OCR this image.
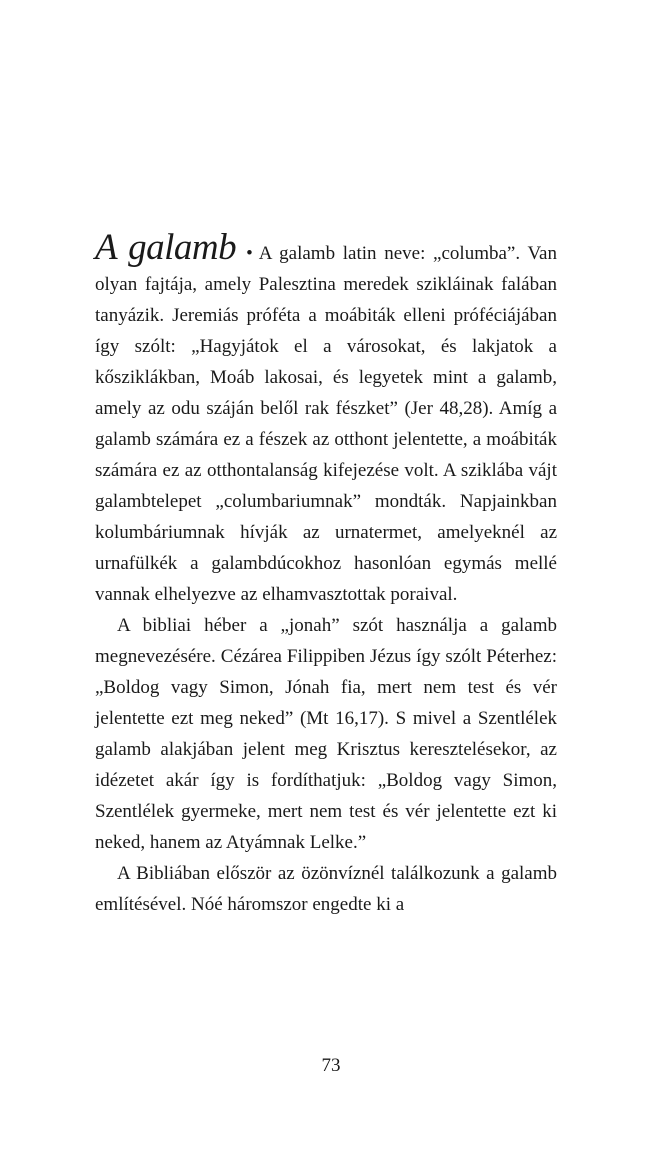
A galamb • A galamb latin neve: „columba”. Van olyan fajtája, amely Palesztina meredek szikláinak falában tanyázik. Jeremiás próféta a moábiták elleni próféciájában így szólt: „Hagyjátok el a városokat, és lakjatok a kősziklákban, Moáb lakosai, és legyetek mint a galamb, amely az odu száján belől rak fészket” (Jer 48,28). Amíg a galamb számára ez a fészek az otthont jelentette, a moábiták számára ez az otthontalanság kifejezése volt. A sziklába vájt galambtelepet „columbariumnak” mondták. Napjainkban kolumbáriumnak hívják az urnatermet, amelyeknél az urnafülkék a galambdúcokhoz hasonlóan egymás mellé vannak elhelyezve az elhamvasztottak poraival.

A bibliai héber a „jonah” szót használja a galamb megnevezésére. Cézárea Filippiben Jézus így szólt Péterhez: „Boldog vagy Simon, Jónah fia, mert nem test és vér jelentette ezt meg neked” (Mt 16,17). S mivel a Szentlélek galamb alakjában jelent meg Krisztus keresztelésekor, az idézetet akár így is fordíthatjuk: „Boldog vagy Simon, Szentlélek gyermeke, mert nem test és vér jelentette ezt ki neked, hanem az Atyámnak Lelke.”

A Bibliában először az özönvíznél találkozunk a galamb említésével. Nóé háromszor engedte ki a

73
